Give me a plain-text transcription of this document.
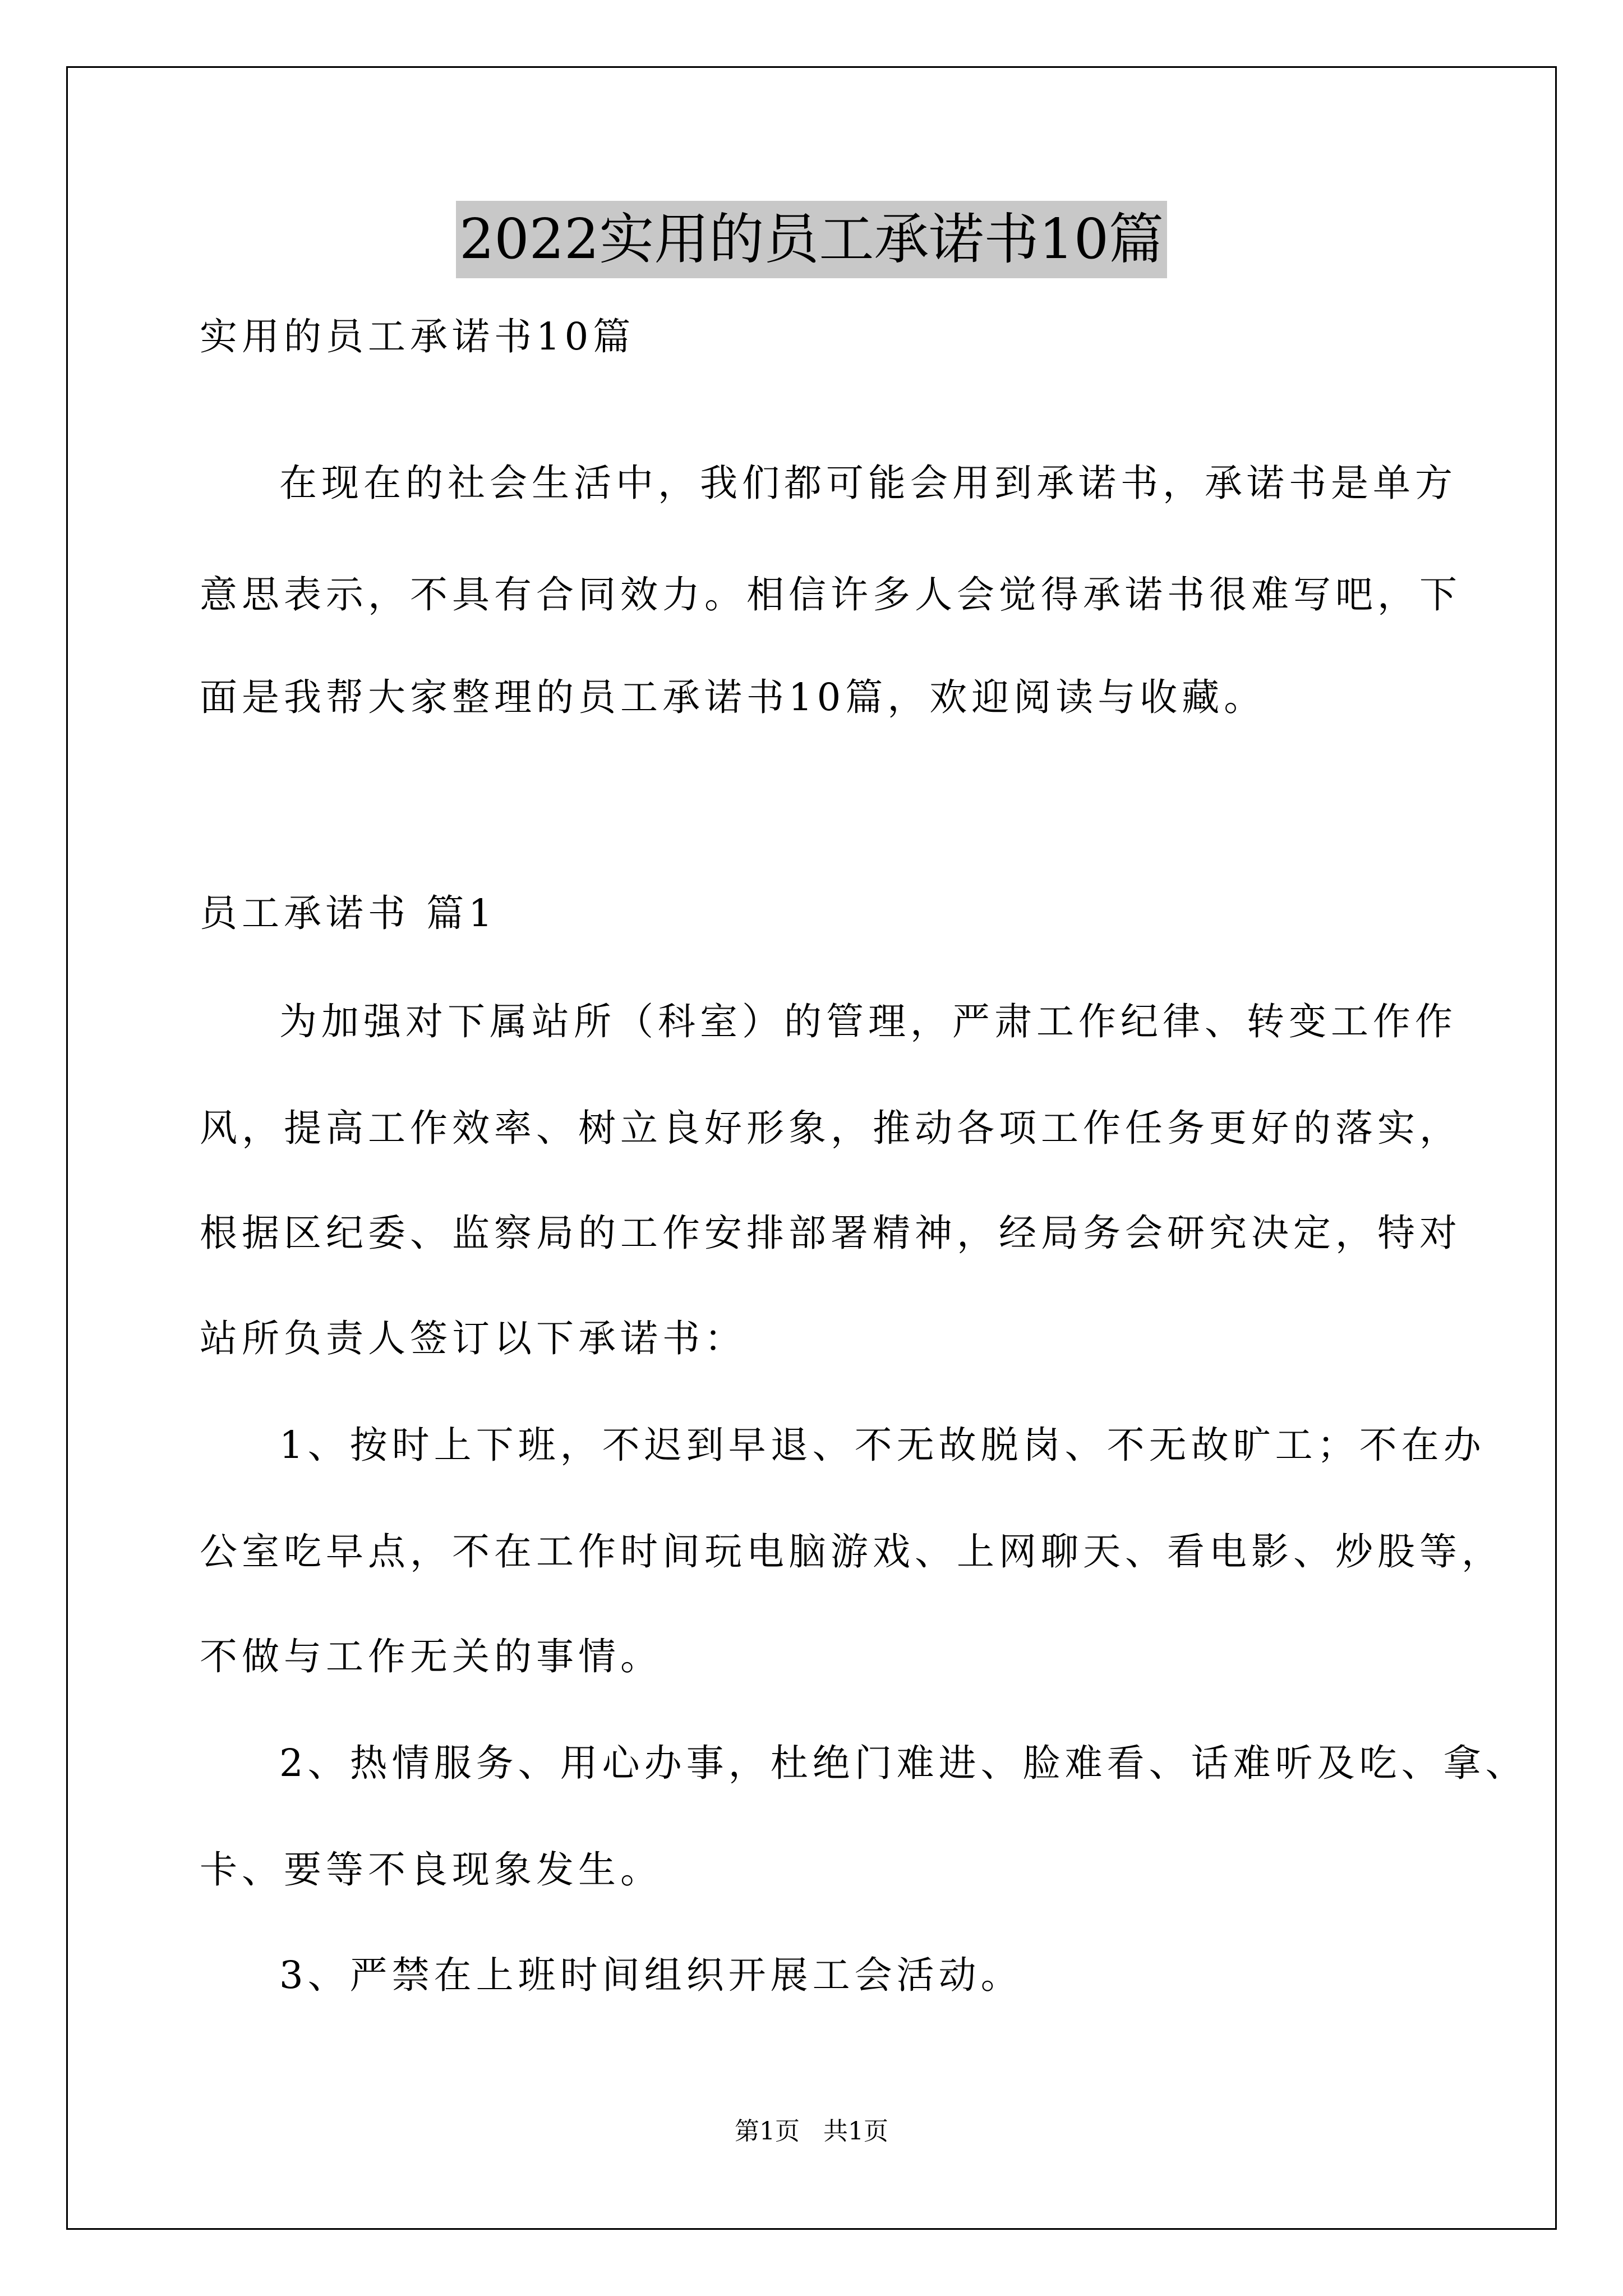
2022实用的员工承诺书10篇
实用的员工承诺书10篇
在现在的社会生活中，我们都可能会用到承诺书，承诺书是单方
意思表示，不具有合同效力。相信许多人会觉得承诺书很难写吧，下
面是我帮大家整理的员工承诺书10篇，欢迎阅读与收藏。
员工承诺书 篇1
为加强对下属站所（科室）的管理，严肃工作纪律、转变工作作
风，提高工作效率、树立良好形象，推动各项工作任务更好的落实，
根据区纪委、监察局的工作安排部署精神，经局务会研究决定，特对
站所负责人签订以下承诺书：
1、按时上下班，不迟到早退、不无故脱岗、不无故旷工；不在办
公室吃早点，不在工作时间玩电脑游戏、上网聊天、看电影、炒股等，
不做与工作无关的事情。
2、热情服务、用心办事，杜绝门难进、脸难看、话难听及吃、拿、
卡、要等不良现象发生。
3、严禁在上班时间组织开展工会活动。
第1页   共1页
